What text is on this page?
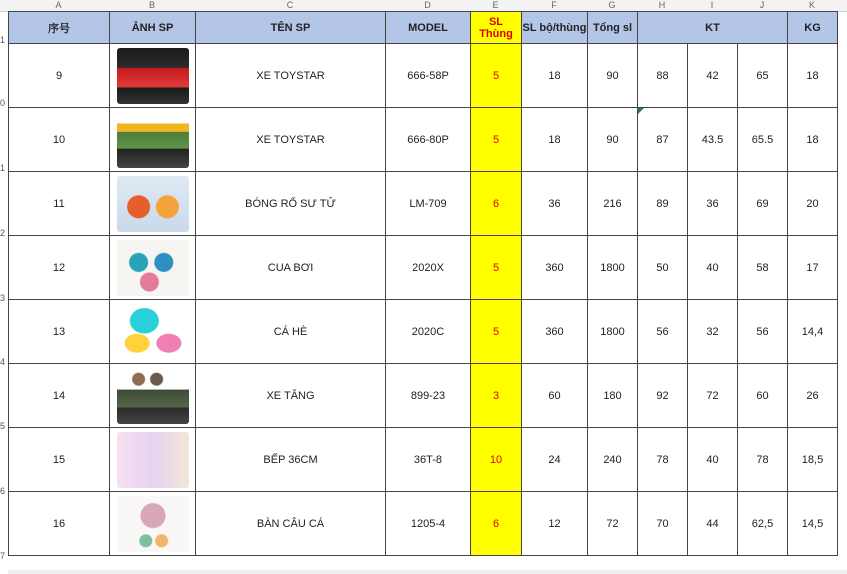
A	B	C	D	E	F	G	H	I	J	K
1
0
1
2
3
4
5
6
7
序号	ẢNH SP	TÊN SP	MODEL	SL Thùng	SL bộ/thùng	Tổng sl	KT			KG
9		XE TOYSTAR	666-58P	5	18	90	88	42	65	18
10		XE TOYSTAR	666-80P	5	18	90	87	43.5	65.5	18
11		BÓNG RỔ SƯ TỬ	LM-709	6	36	216	89	36	69	20
12		CUA BƠI	2020X	5	360	1800	50	40	58	17
13		CÁ HÈ	2020C	5	360	1800	56	32	56	14,4
14		XE TĂNG	899-23	3	60	180	92	72	60	26
15		BẾP 36CM	36T-8	10	24	240	78	40	78	18,5
16		BÀN CÂU CÁ	1205-4	6	12	72	70	44	62,5	14,5
